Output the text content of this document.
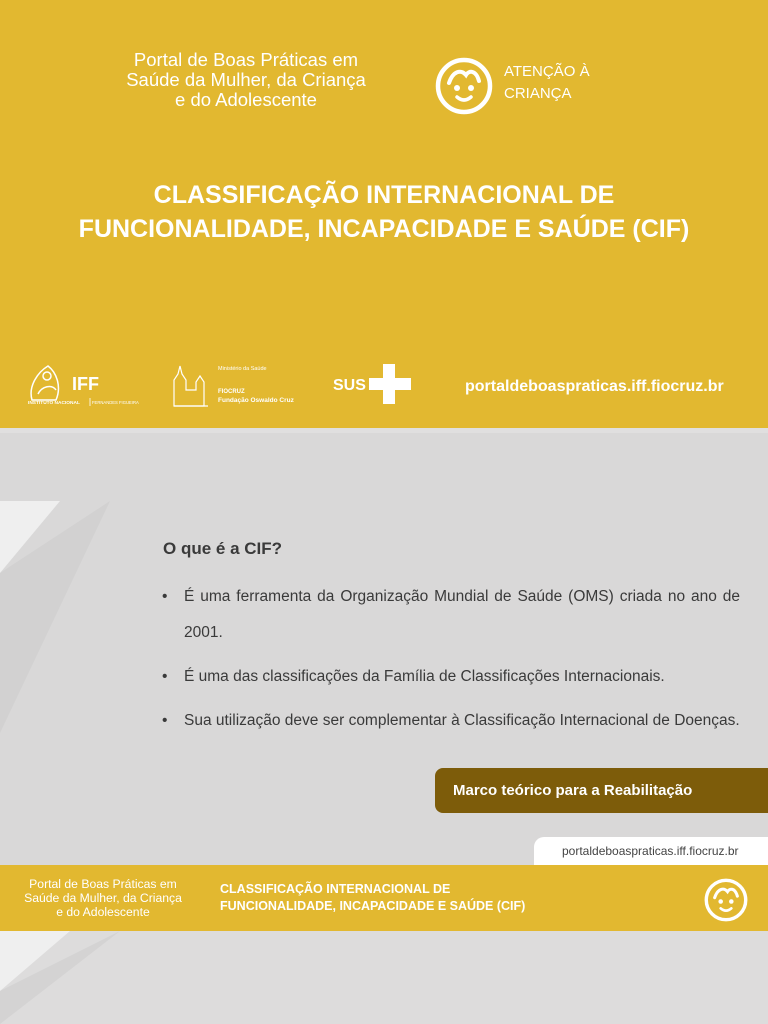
Portal de Boas Práticas em
Saúde da Mulher, da Criança
e do Adolescente
ATENÇÃO À
CRIANÇA
CLASSIFICAÇÃO INTERNACIONAL DE
FUNCIONALIDADE, INCAPACIDADE E SAÚDE (CIF)
IFF
INSTITUTO NACIONAL	FERNANDES FIGUEIRA
Ministério da Saúde
FIOCRUZ
Fundação Oswaldo Cruz
SUS	portaldeboaspraticas.iff.fiocruz.br
O que é a CIF?
• É uma ferramenta da Organização Mundial de Saúde (OMS) criada no ano de 2001.
• É uma das classificações da Família de Classificações Internacionais.
• Sua utilização deve ser complementar à Classificação Internacional de Doenças.
Marco teórico para a Reabilitação
portaldeboaspraticas.iff.fiocruz.br
Portal de Boas Práticas em
Saúde da Mulher, da Criança
e do Adolescente
CLASSIFICAÇÃO INTERNACIONAL DE
FUNCIONALIDADE, INCAPACIDADE E SAÚDE (CIF)
